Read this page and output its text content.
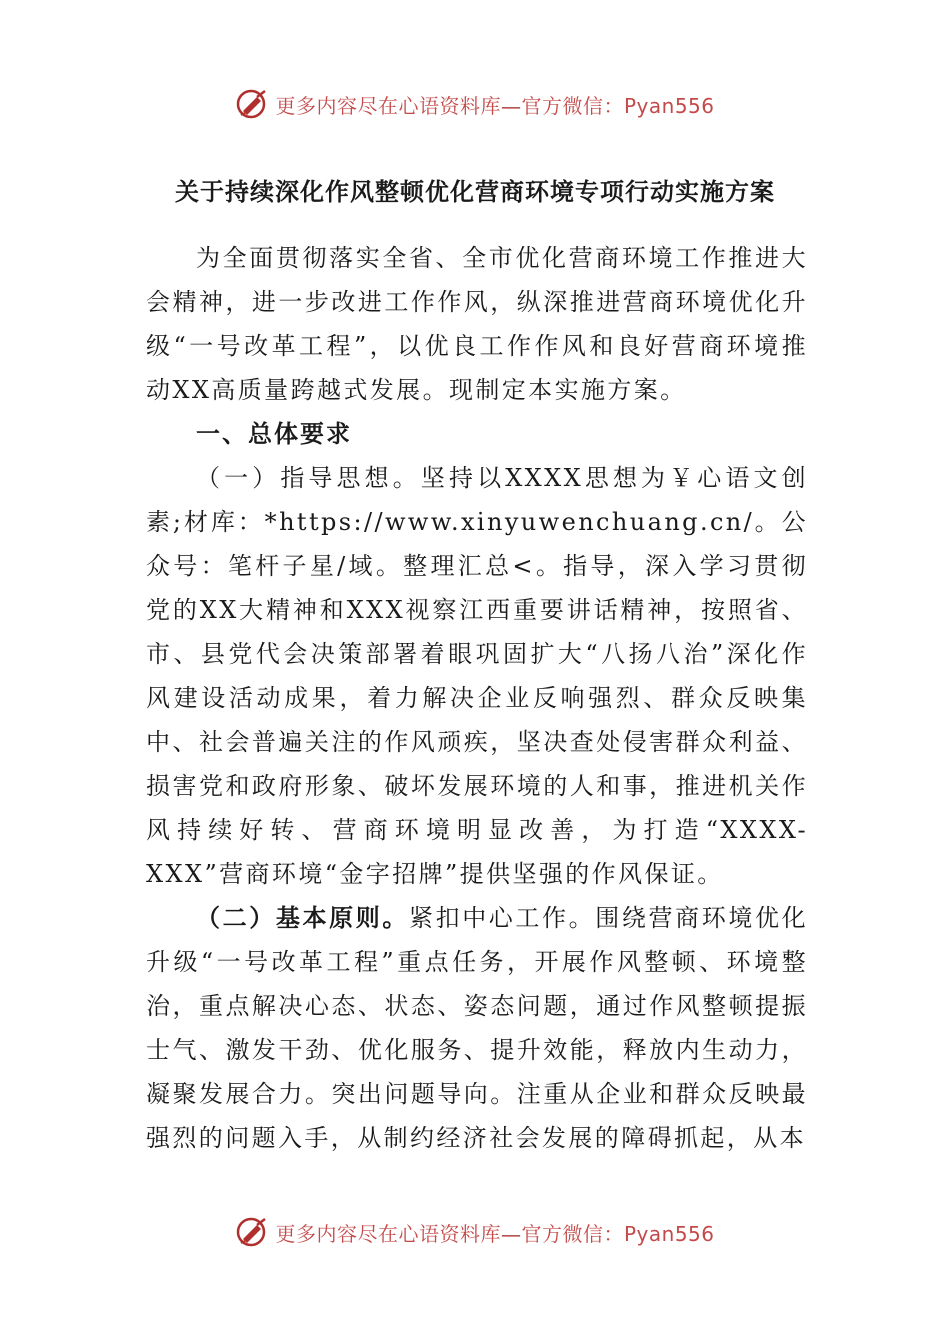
更多内容尽在心语资料库—官方微信：Pyan556
关于持续深化作风整顿优化营商环境专项行动实施方案

为全面贯彻落实全省、全市优化营商环境工作推进大会精神，进一步改进工作作风，纵深推进营商环境优化升级“一号改革工程”，以优良工作作风和良好营商环境推动XX高质量跨越式发展。现制定本实施方案。

一、总体要求

（一）指导思想。坚持以XXXX思想为￥心语文创素;材库：*https://www.xinyuwenchuang.cn/。公众号：笔杆子星/域。整理汇总<。指导，深入学习贯彻党的XX大精神和XXX视察江西重要讲话精神，按照省、市、县党代会决策部署着眼巩固扩大“八扬八治”深化作风建设活动成果，着力解决企业反响强烈、群众反映集中、社会普遍关注的作风顽疾，坚决查处侵害群众利益、损害党和政府形象、破坏发展环境的人和事，推进机关作风持续好转、营商环境明显改善，为打造“XXXX-XXX”营商环境“金字招牌”提供坚强的作风保证。

（二）基本原则。紧扣中心工作。围绕营商环境优化升级“一号改革工程”重点任务，开展作风整顿、环境整治，重点解决心态、状态、姿态问题，通过作风整顿提振士气、激发干劲、优化服务、提升效能，释放内生动力，凝聚发展合力。突出问题导向。注重从企业和群众反映最强烈的问题入手，从制约经济社会发展的障碍抓起，从本

更多内容尽在心语资料库—官方微信：Pyan556
